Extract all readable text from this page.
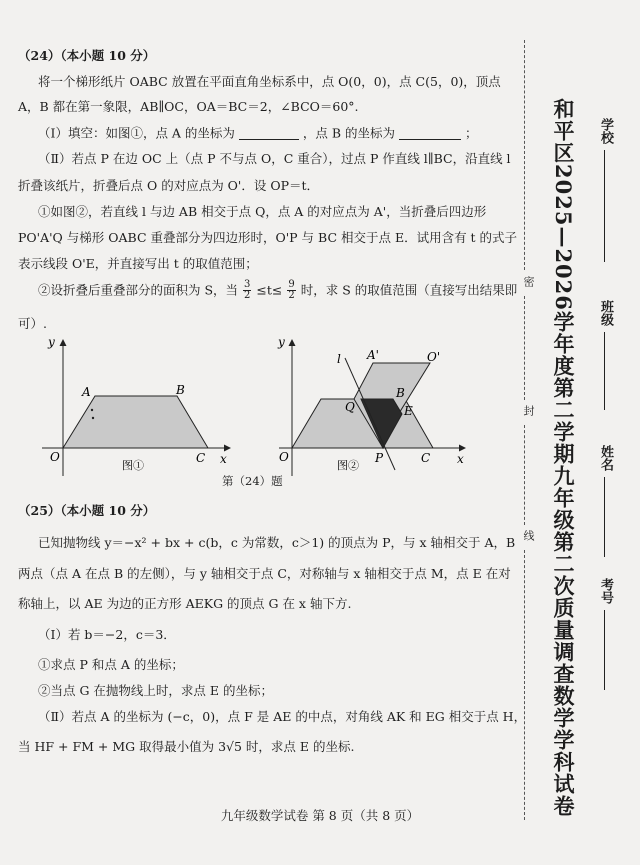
（24）（本小题 10 分）
将一个梯形纸片 OABC 放置在平面直角坐标系中，点 O(0，0)，点 C(5，0)，顶点
A，B 都在第一象限，AB∥OC，OA＝BC＝2，∠BCO＝60°.
（Ⅰ）填空：如图①，点 A 的坐标为	，点 B 的坐标为	；
（Ⅱ）若点 P 在边 OC 上（点 P 不与点 O，C 重合），过点 P 作直线 l∥BC，沿直线 l
折叠该纸片，折叠后点 O 的对应点为 O'．设 OP＝t．
①如图②，若直线 l 与边 AB 相交于点 Q，点 A 的对应点为 A'，当折叠后四边形
PO'A'Q 与梯形 OABC 重叠部分为四边形时，O'P 与 BC 相交于点 E．试用含有 t 的式子
表示线段 O'E，并直接写出 t 的取值范围；
②设折叠后重叠部分的面积为 S，当 $\frac{3}{2} \le t\le \frac{9}{2}$ 时，求 S 的取值范围（直接写出结果即
可）.
y
x
O
A	B
C
图①
y
x
O
l A'	O'
Q
B
E
P	C
图②
第（24）题
（25）（本小题 10 分）
已知抛物线 y＝−x² + bx + c(b，c 为常数，c＞1) 的顶点为 P，与 x 轴相交于 A，B
两点（点 A 在点 B 的左侧），与 y 轴相交于点 C，对称轴与 x 轴相交于点 M，点 E 在对
称轴上，以 AE 为边的正方形 AEKG 的顶点 G 在 x 轴下方.
（Ⅰ）若 b＝−2，c＝3．
①求点 P 和点 A 的坐标；
②当点 G 在抛物线上时，求点 E 的坐标；
（Ⅱ）若点 A 的坐标为 (−c，0)，点 F 是 AE 的中点，对角线 AK 和 EG 相交于点 H，
当 HF + FM + MG 取得最小值为 3√5 时，求点 E 的坐标.	和平区2025—2026学年度第二学期九年级第二次质量调查数学学科试卷 学校
班级
姓名
考号
密
封
线
九年级数学试卷 第 8 页（共 8 页）
